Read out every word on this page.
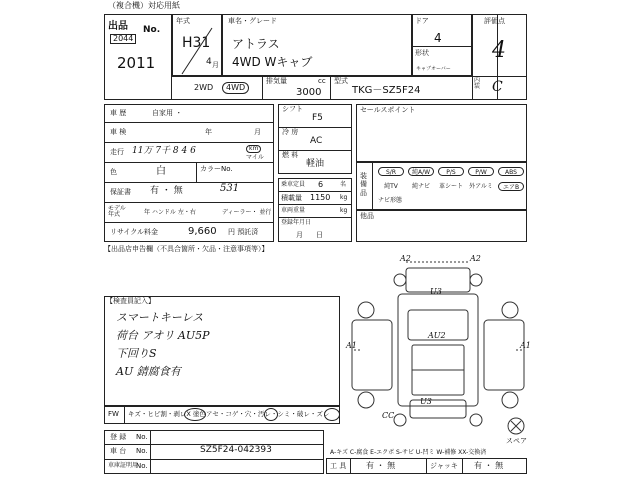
（複合機）対応用紙
出品
2044
No.
2011
年式
H31
4 月
車名・グレード
アトラス
4WD Wキャブ
ドア
4
形状
キャブオーバー
評価点
4
内装 C
2WD	4WD
排気量	cc
3000
型式
TKG－SZ5F24
車 歴	自家用 ・
車 検	年	月
走行 11万 7千 8 4 6	km
マイル
色	白	カラーNo.
保証書 有 ・ 無	531
モデル 年式	年 ハンドル 左・右	ディーラー・ 並行
リサイクル料金	9,660 円 預託済
シフト
F5
冷 房
AC
燃 料
軽油
乗車定員 6	名
積載量 1150 kg
車両重量	kg
登録年月日
月 日
セールスポイント
装備品
S/R	純A/W	P/S	P/W	ABS
純TV	純ナビ	革シート 外アルミ	エアB
ナビ形態
他品
【出品店申告欄（不具合箇所・欠品・注意事項等）】
【検査員記入】
スマートキーレス
荷台 アオリ AU5P
下回りS
AU 錆腐食有
FW キズ・ヒビ割・剥レX 塗色アセ・コゲ・穴・汚レ・シミ・破レ・ズレ
登 録 No.
車 台 No.	SZ5F24-042393
車庫証明用
No.	工 具 有 ・ 無	ジャッキ 有 ・ 無
A-キズ C-腐食 E-エクボ S-サビ U-凹ミ W-補修 XX-交換済
A2	A2
U3
AU2
A1	A1
U3
CC
スペア
